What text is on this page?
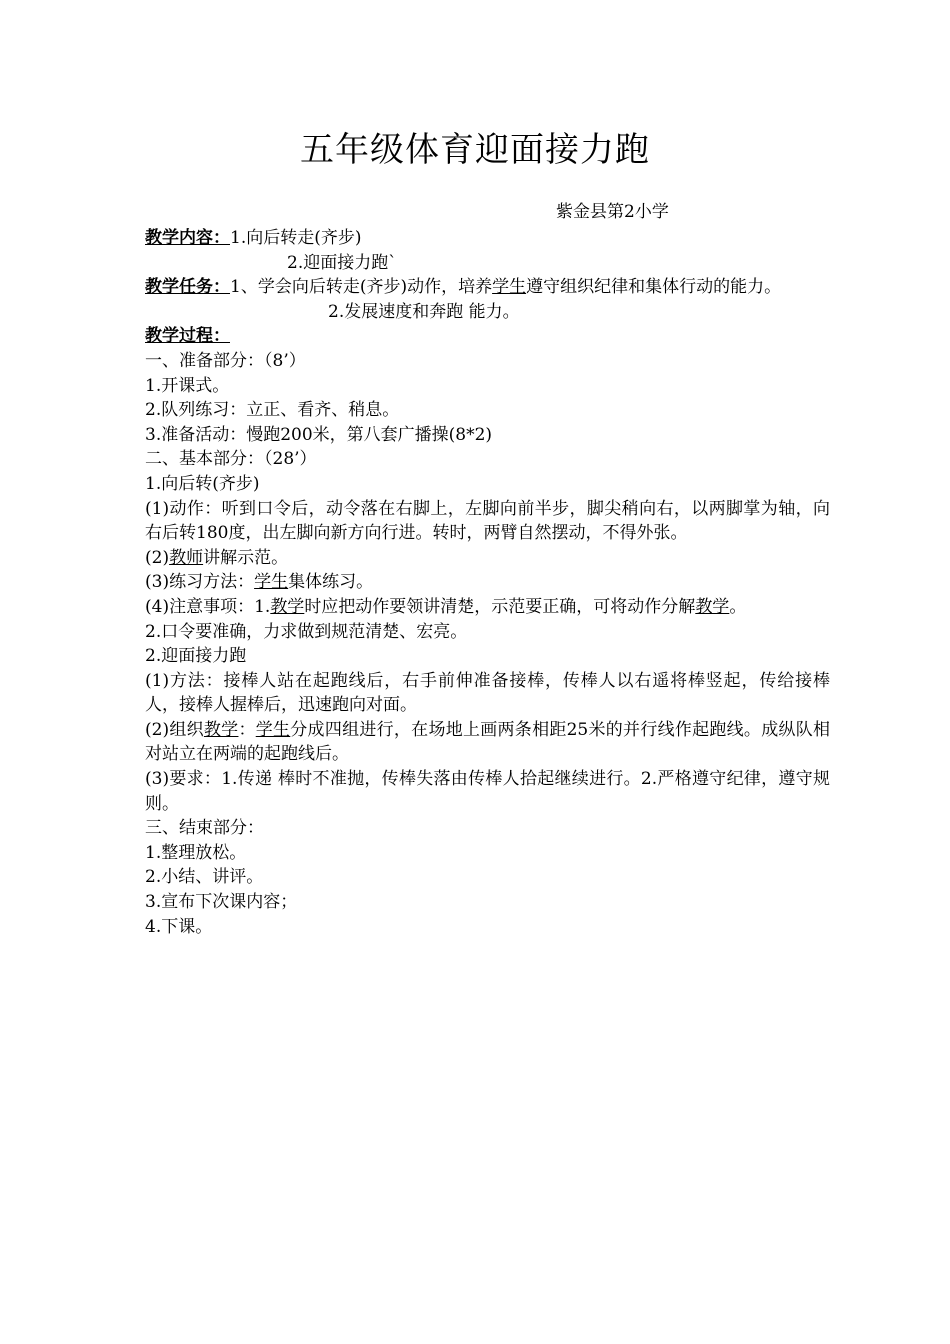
五年级体育迎面接力跑
紫金县第2小学
教学内容：1.向后转走(齐步)
2.迎面接力跑`
教学任务：1、学会向后转走(齐步)动作，培养学生遵守组织纪律和集体行动的能力。
2.发展速度和奔跑 能力。
教学过程：
一、准备部分：（8’）
1.开课式。
2.队列练习：立正、看齐、稍息。
3.准备活动：慢跑200米，第八套广播操(8*2)
二、基本部分：（28’）
1.向后转(齐步)
(1)动作：听到口令后，动令落在右脚上，左脚向前半步，脚尖稍向右，以两脚掌为轴，向右后转180度，出左脚向新方向行进。转时，两臂自然摆动，不得外张。
(2)教师讲解示范。
(3)练习方法：学生集体练习。
(4)注意事项：1.教学时应把动作要领讲清楚，示范要正确，可将动作分解教学。
2.口令要准确，力求做到规范清楚、宏亮。
2.迎面接力跑
(1)方法：接棒人站在起跑线后，右手前伸准备接棒，传棒人以右遥将棒竖起，传给接棒人，接棒人握棒后，迅速跑向对面。
(2)组织教学：学生分成四组进行，在场地上画两条相距25米的并行线作起跑线。成纵队相对站立在两端的起跑线后。
(3)要求：1.传递 棒时不准抛，传棒失落由传棒人拾起继续进行。2.严格遵守纪律，遵守规则。
三、结束部分：
1.整理放松。
2.小结、讲评。
3.宣布下次课内容；
4.下课。
